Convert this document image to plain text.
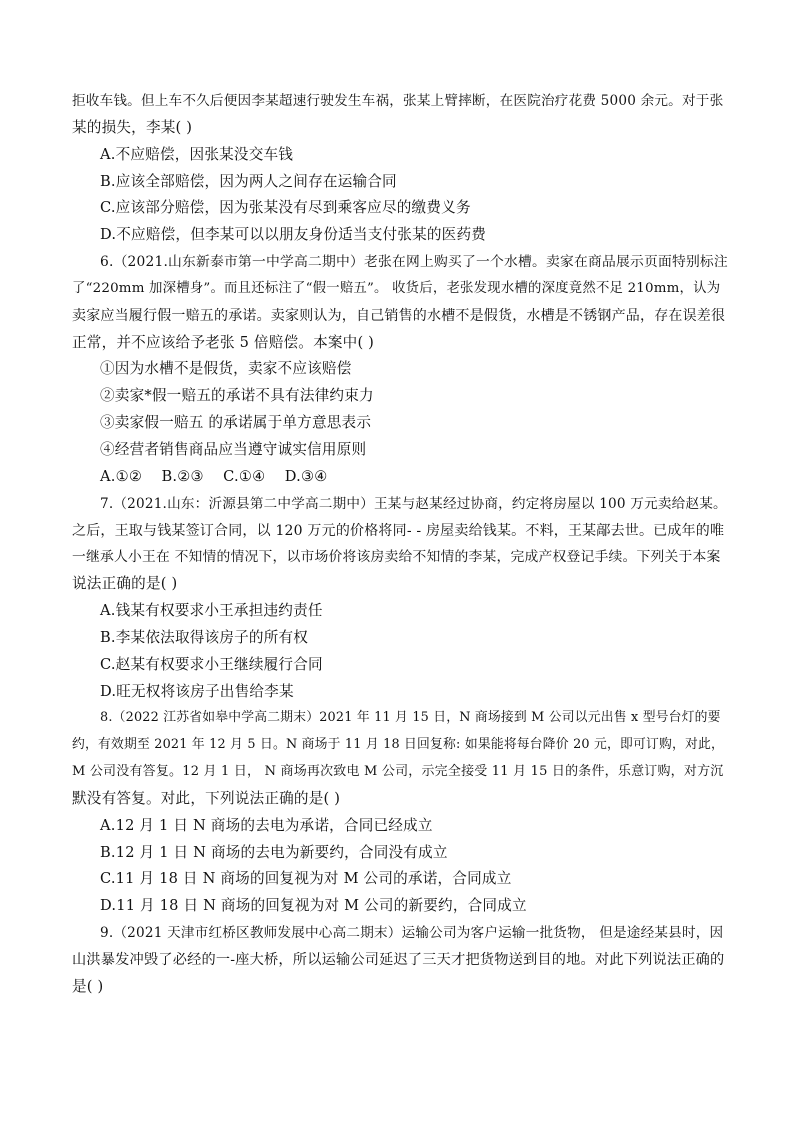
拒收车钱。但上车不久后便因李某超速行驶发生车祸，张某上臂摔断，在医院治疗花费 5000 余元。对于张

某的损失，李某( )

A.不应赔偿，因张某没交车钱

B.应该全部赔偿，因为两人之间存在运输合同

C.应该部分赔偿，因为张某没有尽到乘客应尽的缴费义务

D.不应赔偿，但李某可以以朋友身份适当支付张某的医药费

6.（2021.山东新泰市第一中学高二期中）老张在网上购买了一个水槽。卖家在商品展示页面特别标注

了“220mm 加深槽身”。而且还标注了“假一赔五”。 收货后，老张发现水槽的深度竟然不足 210mm，认为

卖家应当履行假一赔五的承诺。卖家则认为，自己销售的水槽不是假货，水槽是不锈钢产品，存在误差很

正常，并不应该给予老张 5 倍赔偿。本案中( )

①因为水槽不是假货，卖家不应该赔偿

②卖家*假一赔五的承诺不具有法律约束力

③卖家假一赔五 的承诺属于单方意思表示

④经营者销售商品应当遵守诚实信用原则

A.①②    B.②③    C.①④    D.③④

7.（2021.山东：沂源县第二中学高二期中）王某与赵某经过协商，约定将房屋以 100 万元卖给赵某。

之后，王取与钱某签订合同，以 120 万元的价格将同- - 房屋卖给钱某。不料，王某鄗去世。已成年的唯

一继承人小王在 不知情的情况下，以市场价将该房卖给不知情的李某，完成产权登记手续。下列关于本案

说法正确的是( )

A.钱某有权要求小王承担违约责任

B.李某依法取得该房子的所有权

C.赵某有权要求小王继续履行合同

D.旺无权将该房子出售给李某

8.（2022 江苏省如皋中学高二期末）2021 年 11 月 15 日，N 商场接到 M 公司以元出售 x 型号台灯的要

约，有效期至 2021 年 12 月 5 日。N 商场于 11 月 18 日回复称: 如果能将每台降价 20 元，即可订购，对此，

M 公司没有答复。12 月 1 日， N 商场再次致电 M 公司，示完全接受 11 月 15 日的条件，乐意订购，对方沉

默没有答复。对此，下列说法正确的是( )

A.12 月 1 日 N 商场的去电为承诺，合同已经成立

B.12 月 1 日 N 商场的去电为新要约，合同没有成立

C.11 月 18 日 N 商场的回复视为对 M 公司的承诺，合同成立

D.11 月 18 日 N 商场的回复视为对 M 公司的新要约，合同成立

9.（2021 天津市红桥区教师发展中心高二期末）运输公司为客户运输一批货物， 但是途经某县时，因

山洪暴发冲毁了必经的一-座大桥，所以运输公司延迟了三天才把货物送到目的地。对此下列说法正确的

是( )
